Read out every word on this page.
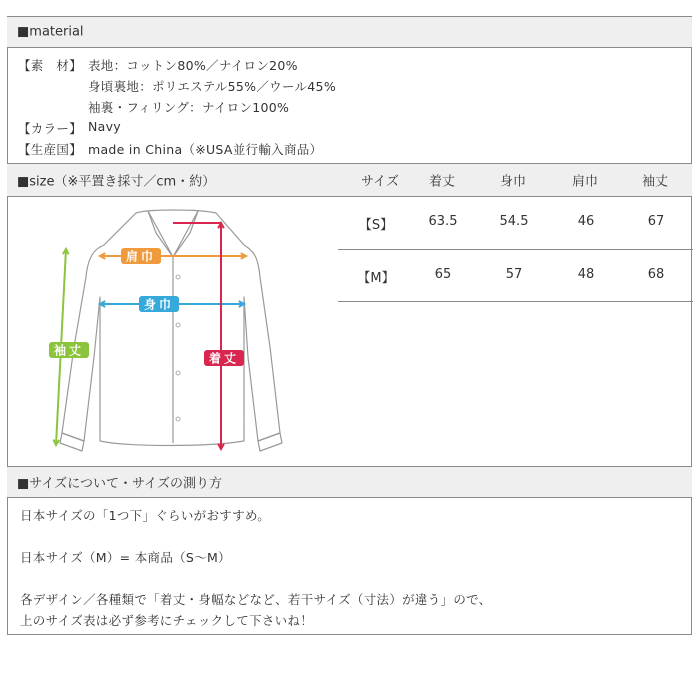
■material
【素　材】 表地：コットン80%／ナイロン20%
身頃裏地：ポリエステル55%／ウール45%
袖裏・フィリング：ナイロン100%
【カラー】 Navy
【生産国】 made in China（※USA並行輸入商品）
■size（※平置き採寸／cm・約）	サイズ	着丈	身巾	肩巾	袖丈
肩巾
身巾
袖丈
着丈
【S】	63.5	54.5	46	67
【M】	65	57	48	68
■サイズについて・サイズの測り方
日本サイズの「1つ下」ぐらいがおすすめ。
日本サイズ（M）= 本商品（S〜M）
各デザイン／各種類で「着丈・身幅などなど、若干サイズ（寸法）が違う」ので、
上のサイズ表は必ず参考にチェックして下さいね！
